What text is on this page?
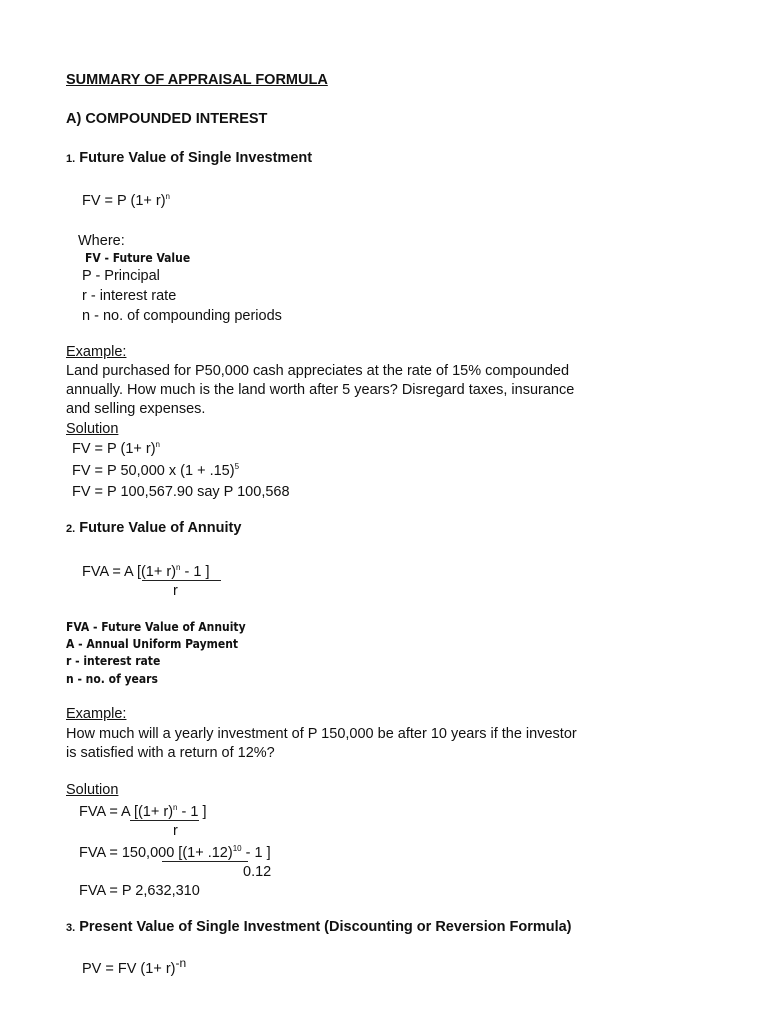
SUMMARY OF APPRAISAL FORMULA
A) COMPOUNDED INTEREST
1. Future Value of Single Investment
FV = P $(1+ r)^n$
Where:
FV - Future Value
P - Principal
r - interest rate
n - no. of compounding periods
Example:
Land purchased for P50,000 cash appreciates at the rate of 15% compounded
annually. How much is the land worth after 5 years? Disregard taxes, insurance
and selling expenses.
Solution
FV = P $(1+ r)^n$
FV = P 50,000 x $(1 + .15)^5$
FV = P 100,567.90 say P 100,568
2. Future Value of Annuity
FVA = A [$(1+ r)^n - 1$ ]
r
FVA - Future Value of Annuity
A - Annual Uniform Payment
r - interest rate
n - no. of years
Example:
How much will a yearly investment of P 150,000 be after 10 years if the investor
is satisfied with a return of 12%?
Solution
FVA = A [$(1+ r)^n - 1$ ]
r
FVA = 150,000 [$(1+ .12)^{10} - 1$ ]
0.12
FVA = P 2,632,310
3. Present Value of Single Investment (Discounting or Reversion Formula)
PV = FV $(1+ r)^{-n}$
